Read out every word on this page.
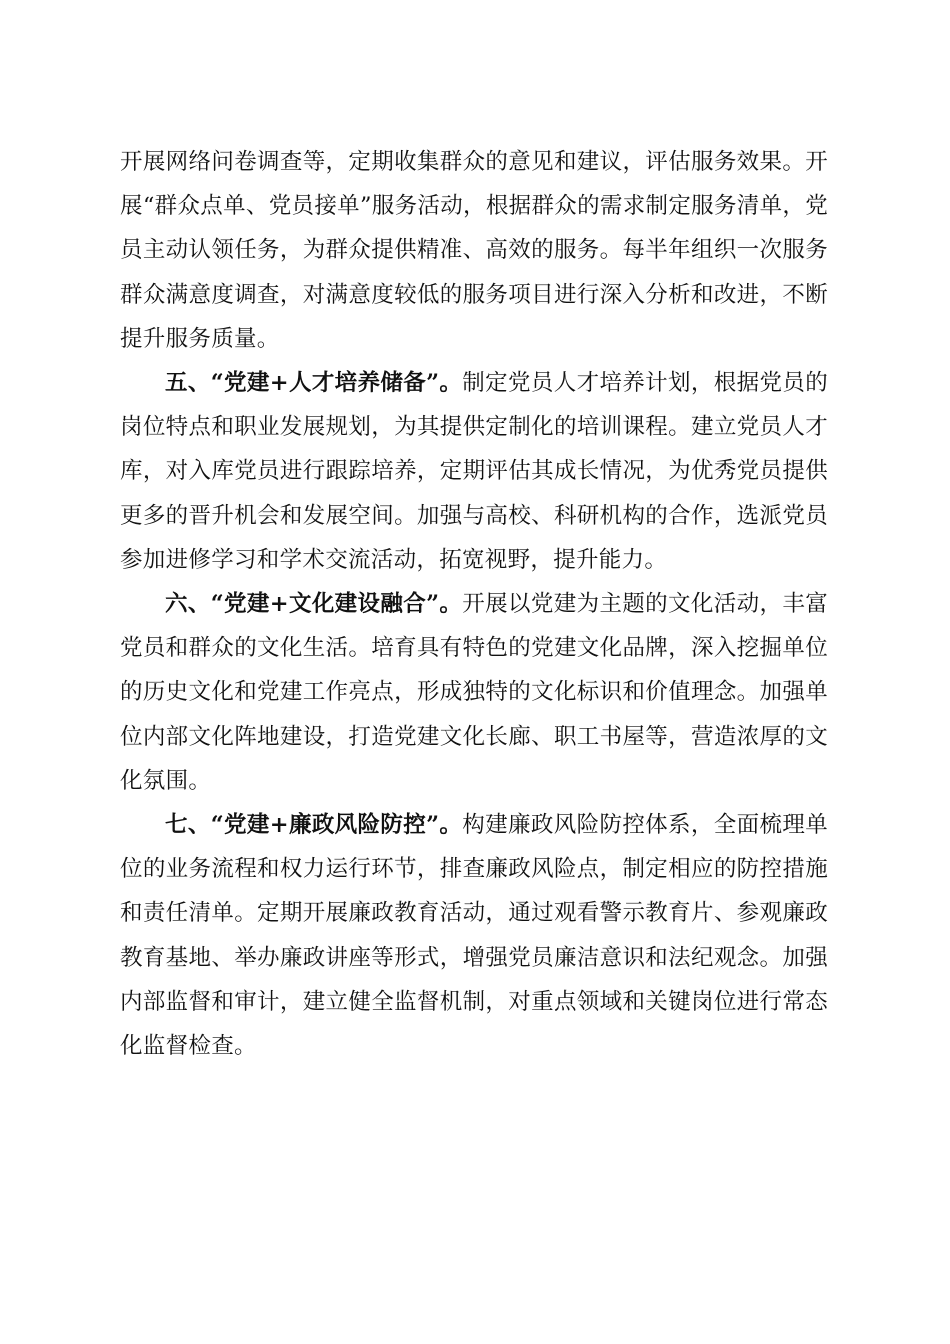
开展网络问卷调查等，定期收集群众的意见和建议，评估服务效果。开展“群众点单、党员接单”服务活动，根据群众的需求制定服务清单，党员主动认领任务，为群众提供精准、高效的服务。每半年组织一次服务群众满意度调查，对满意度较低的服务项目进行深入分析和改进，不断提升服务质量。

五、“党建+人才培养储备”。制定党员人才培养计划，根据党员的岗位特点和职业发展规划，为其提供定制化的培训课程。建立党员人才库，对入库党员进行跟踪培养，定期评估其成长情况，为优秀党员提供更多的晋升机会和发展空间。加强与高校、科研机构的合作，选派党员参加进修学习和学术交流活动，拓宽视野，提升能力。

六、“党建+文化建设融合”。开展以党建为主题的文化活动，丰富党员和群众的文化生活。培育具有特色的党建文化品牌，深入挖掘单位的历史文化和党建工作亮点，形成独特的文化标识和价值理念。加强单位内部文化阵地建设，打造党建文化长廊、职工书屋等，营造浓厚的文化氛围。

七、“党建+廉政风险防控”。构建廉政风险防控体系，全面梳理单位的业务流程和权力运行环节，排查廉政风险点，制定相应的防控措施和责任清单。定期开展廉政教育活动，通过观看警示教育片、参观廉政教育基地、举办廉政讲座等形式，增强党员廉洁意识和法纪观念。加强内部监督和审计，建立健全监督机制，对重点领域和关键岗位进行常态化监督检查。
